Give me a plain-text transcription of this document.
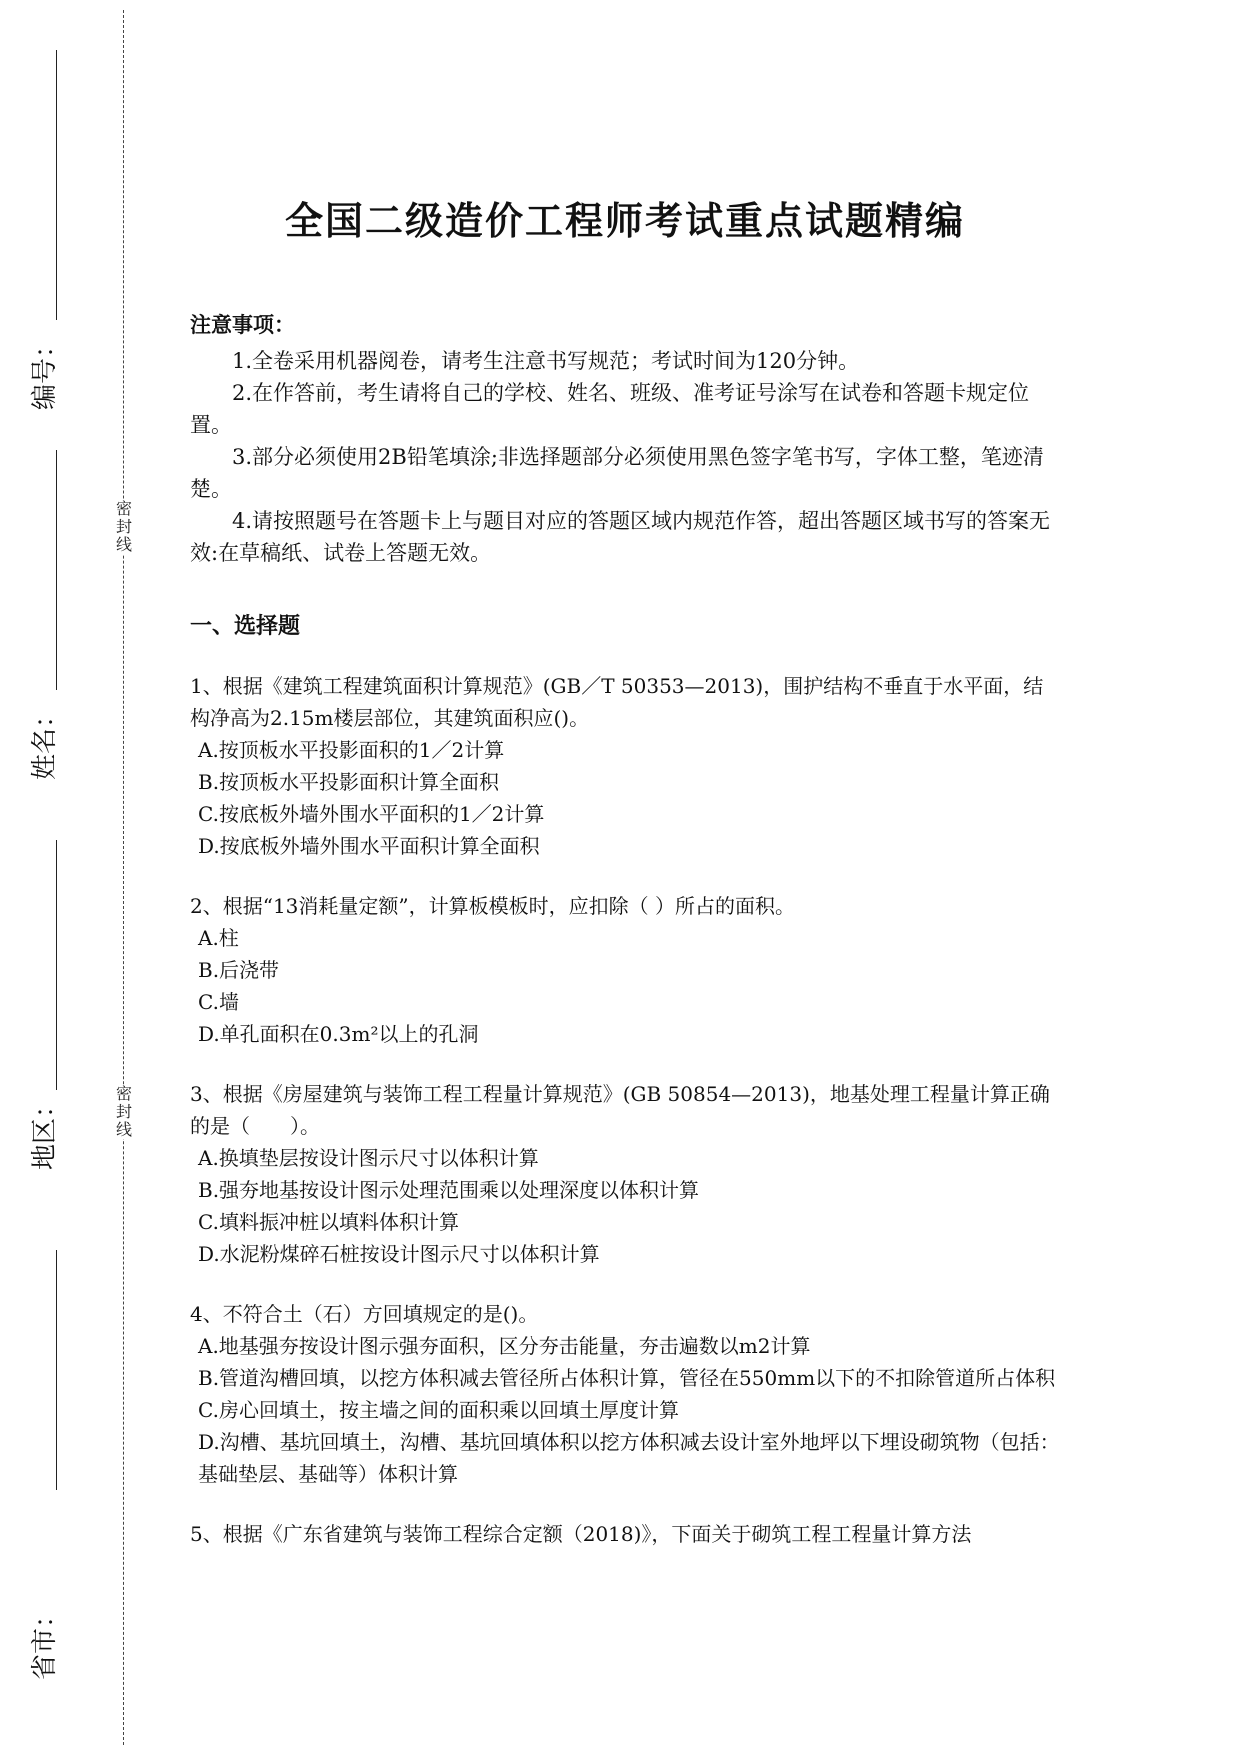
密封线
密封线
编号：
姓名：
地区：
省市：
全国二级造价工程师考试重点试题精编

注意事项：

1.全卷采用机器阅卷，请考生注意书写规范；考试时间为120分钟。

2.在作答前，考生请将自己的学校、姓名、班级、准考证号涂写在试卷和答题卡规定位置。

3.部分必须使用2B铅笔填涂;非选择题部分必须使用黑色签字笔书写，字体工整，笔迹清楚。

4.请按照题号在答题卡上与题目对应的答题区域内规范作答，超出答题区域书写的答案无效:在草稿纸、试卷上答题无效。

一、选择题

1、根据《建筑工程建筑面积计算规范》(GB／T 50353—2013)，围护结构不垂直于水平面，结构净高为2.15m楼层部位，其建筑面积应()。

A.按顶板水平投影面积的1／2计算

B.按顶板水平投影面积计算全面积

C.按底板外墙外围水平面积的1／2计算

D.按底板外墙外围水平面积计算全面积

2、根据“13消耗量定额”，计算板模板时，应扣除（ ）所占的面积。

A.柱

B.后浇带

C.墙

D.单孔面积在0.3m²以上的孔洞

3、根据《房屋建筑与装饰工程工程量计算规范》(GB 50854—2013)，地基处理工程量计算正确的是（　　）。

A.换填垫层按设计图示尺寸以体积计算

B.强夯地基按设计图示处理范围乘以处理深度以体积计算

C.填料振冲桩以填料体积计算

D.水泥粉煤碎石桩按设计图示尺寸以体积计算

4、不符合土（石）方回填规定的是()。

A.地基强夯按设计图示强夯面积，区分夯击能量，夯击遍数以m2计算

B.管道沟槽回填，以挖方体积减去管径所占体积计算，管径在550mm以下的不扣除管道所占体积

C.房心回填土，按主墙之间的面积乘以回填土厚度计算

D.沟槽、基坑回填土，沟槽、基坑回填体积以挖方体积减去设计室外地坪以下埋设砌筑物（包括：基础垫层、基础等）体积计算

5、根据《广东省建筑与装饰工程综合定额（2018)》，下面关于砌筑工程工程量计算方法
